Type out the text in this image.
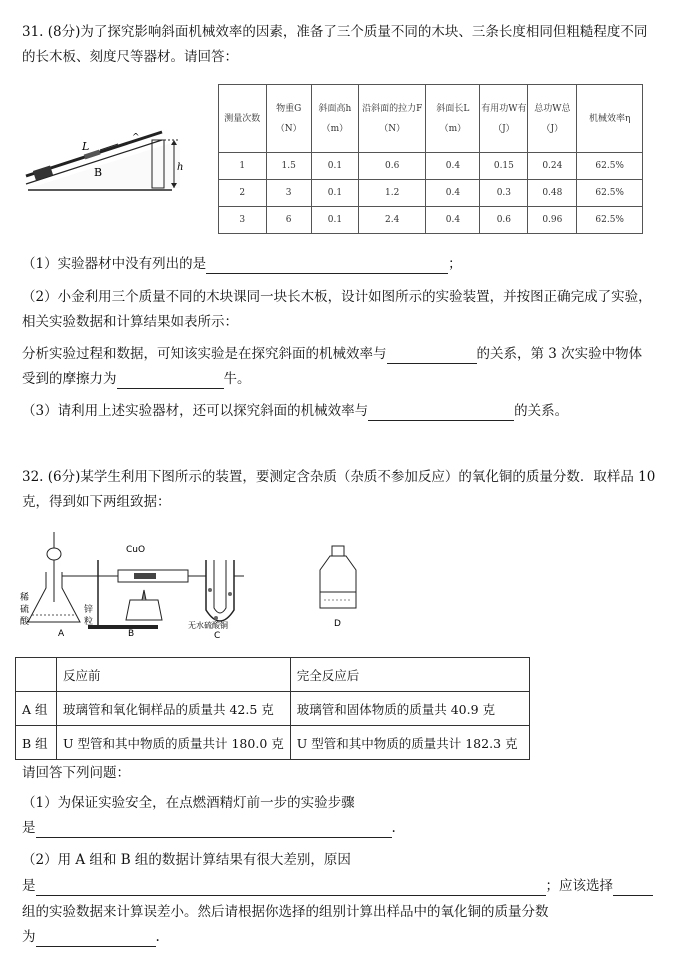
31. (8分)为了探究影响斜面机械效率的因素，准备了三个质量不同的木块、三条长度相同但粗糙程度不同
的长木板、刻度尺等器材。请回答：
L
B	h
^
测量次数	物重G（N）	斜面高h（m）	沿斜面的拉力F（N）	斜面长L（m）	有用功W有（J）	总功W总（J）	机械效率η
1	1.5	0.1	0.6	0.4	0.15	0.24	62.5%
2	3	0.1	1.2	0.4	0.3	0.48	62.5%
3	6	0.1	2.4	0.4	0.6	0.96	62.5%
（1）实验器材中没有列出的是	；
（2）小金利用三个质量不同的木块课同一块长木板，设计如图所示的实验装置，并按图正确完成了实验，
相关实验数据和计算结果如表所示：
分析实验过程和数据，可知该实验是在探究斜面的机械效率与	的关系，第 3 次实验中物体
受到的摩擦力为	牛。
（3）请利用上述实验器材，还可以探究斜面的机械效率与	的关系。
32. (6分)某学生利用下图所示的装置，要测定含杂质（杂质不参加反应）的氧化铜的质量分数．取样品 10
克，得到如下两组致据：
CuO
稀
硫
酸
锌
粒
A	B
无水硫酸铜
C
D
	反应前	完全反应后
A 组	玻璃管和氧化铜样品的质量共 42.5 克	玻璃管和固体物质的质量共 40.9 克
B 组	U 型管和其中物质的质量共计 180.0 克	U 型管和其中物质的质量共计 182.3 克
请回答下列问题：
（1）为保证实验安全，在点燃酒精灯前一步的实验步骤
是	.
（2）用 A 组和 B 组的数据计算结果有很大差别，原因
是	；应该选择
组的实验数据来计算误差小。然后请根据你选择的组别计算出样品中的氧化铜的质量分数
为	.
